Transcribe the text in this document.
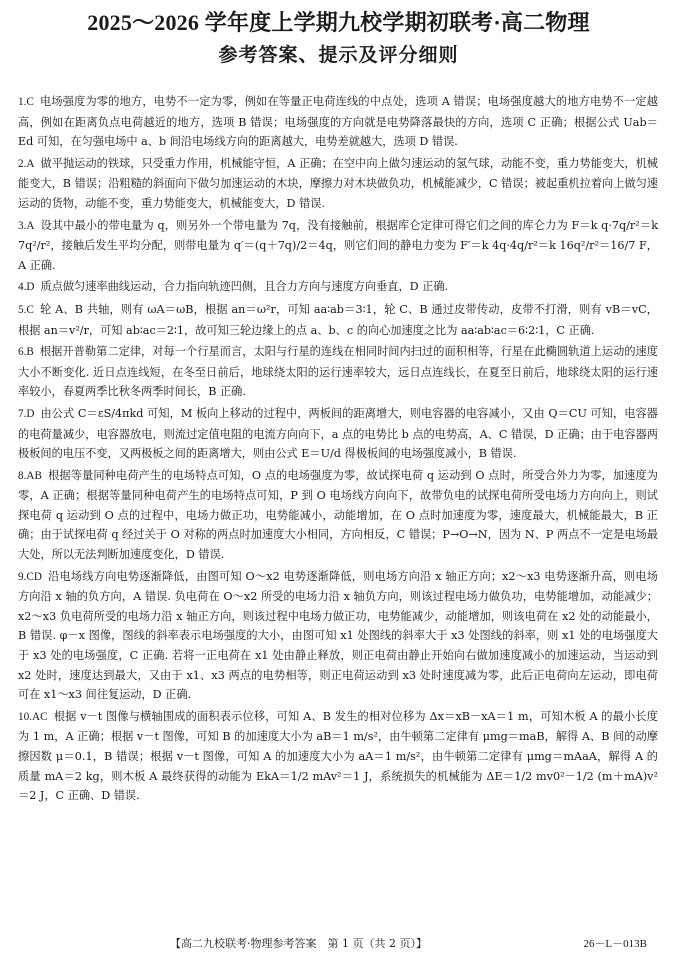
2025～2026 学年度上学期九校学期初联考·高二物理
参考答案、提示及评分细则
1.C 电场强度为零的地方，电势不一定为零，例如在等量正电荷连线的中点处，选项 A 错误；电场强度越大的地方电势不一定越高，例如在距离负点电荷越近的地方，选项 B 错误；电场强度的方向就是电势降落最快的方向，选项 C 正确；根据公式 Uab＝Ed 可知，在匀强电场中 a、b 间沿电场线方向的距离越大，电势差就越大，选项 D 错误.
2.A 做平抛运动的铁球，只受重力作用，机械能守恒，A 正确；在空中向上做匀速运动的氢气球，动能不变，重力势能变大，机械能变大，B 错误；沿粗糙的斜面向下做匀加速运动的木块，摩擦力对木块做负功，机械能减少，C 错误；被起重机拉着向上做匀速运动的货物，动能不变，重力势能变大，机械能变大，D 错误.
3.A 设其中最小的带电量为 q，则另外一个带电量为 7q，没有接触前，根据库仑定律可得它们之间的库仑力为 F＝k q·7q/r²＝k 7q²/r²，接触后发生平均分配，则带电量为 q′＝(q＋7q)/2＝4q，则它们间的静电力变为 F′＝k 4q·4q/r²＝k 16q²/r²＝16/7 F，A 正确.
4.D 质点做匀速率曲线运动，合力指向轨迹凹侧，且合力方向与速度方向垂直，D 正确.
5.C 轮 A、B 共轴，则有 ωA＝ωB，根据 an＝ω²r，可知 aa∶ab＝3∶1，轮 C、B 通过皮带传动，皮带不打滑，则有 vB＝vC，根据 an＝v²/r，可知 ab∶ac＝2∶1，故可知三轮边缘上的点 a、b、c 的向心加速度之比为 aa∶ab∶ac＝6∶2∶1，C 正确.
6.B 根据开普勒第二定律，对每一个行星而言，太阳与行星的连线在相同时间内扫过的面积相等，行星在此椭圆轨道上运动的速度大小不断变化. 近日点连线短，在冬至日前后，地球绕太阳的运行速率较大，远日点连线长，在夏至日前后，地球绕太阳的运行速率较小，春夏两季比秋冬两季时间长，B 正确.
7.D 由公式 C＝εS/4πkd 可知，M 板向上移动的过程中，两板间的距离增大，则电容器的电容减小，又由 Q＝CU 可知，电容器的电荷量减少，电容器放电，则流过定值电阻的电流方向向下，a 点的电势比 b 点的电势高，A、C 错误，D 正确；由于电容器两极板间的电压不变，又两极板之间的距离增大，则由公式 E＝U/d 得极板间的电场强度减小，B 错误.
8.AB 根据等量同种电荷产生的电场特点可知，O 点的电场强度为零，故试探电荷 q 运动到 O 点时，所受合外力为零，加速度为零，A 正确；根据等量同种电荷产生的电场特点可知，P 到 O 电场线方向向下，故带负电的试探电荷所受电场力方向向上，则试探电荷 q 运动到 O 点的过程中，电场力做正功，电势能减小，动能增加，在 O 点时加速度为零，速度最大，机械能最大，B 正确；由于试探电荷 q 经过关于 O 对称的两点时加速度大小相同，方向相反，C 错误；P→O→N，因为 N、P 两点不一定是电场最大处，所以无法判断加速度变化，D 错误.
9.CD 沿电场线方向电势逐渐降低，由图可知 O～x2 电势逐渐降低，则电场方向沿 x 轴正方向；x2～x3 电势逐渐升高，则电场方向沿 x 轴的负方向，A 错误. 负电荷在 O～x2 所受的电场力沿 x 轴负方向，则该过程电场力做负功，电势能增加，动能减少；x2～x3 负电荷所受的电场力沿 x 轴正方向，则该过程中电场力做正功，电势能减少，动能增加，则该电荷在 x2 处的动能最小，B 错误. φ－x 图像，图线的斜率表示电场强度的大小，由图可知 x1 处图线的斜率大于 x3 处图线的斜率，则 x1 处的电场强度大于 x3 处的电场强度，C 正确. 若将一正电荷在 x1 处由静止释放，则正电荷由静止开始向右做加速度减小的加速运动，当运动到 x2 处时，速度达到最大，又由于 x1、x3 两点的电势相等，则正电荷运动到 x3 处时速度减为零，此后正电荷向左运动，即电荷可在 x1～x3 间往复运动，D 正确.
10.AC 根据 v－t 图像与横轴围成的面积表示位移，可知 A、B 发生的相对位移为 Δx＝xB－xA＝1 m，可知木板 A 的最小长度为 1 m，A 正确；根据 v－t 图像，可知 B 的加速度大小为 aB＝1 m/s²，由牛顿第二定律有 μmg＝maB，解得 A、B 间的动摩擦因数 μ＝0.1，B 错误；根据 v－t 图像，可知 A 的加速度大小为 aA＝1 m/s²，由牛顿第二定律有 μmg＝mAaA，解得 A 的质量 mA＝2 kg，则木板 A 最终获得的动能为 EkA＝1/2 mAv²＝1 J，系统损失的机械能为 ΔE＝1/2 mv0²－1/2 (m＋mA)v²＝2 J，C 正确、D 错误.
【高二九校联考·物理参考答案　第 1 页（共 2 页）】	26－L－013B
